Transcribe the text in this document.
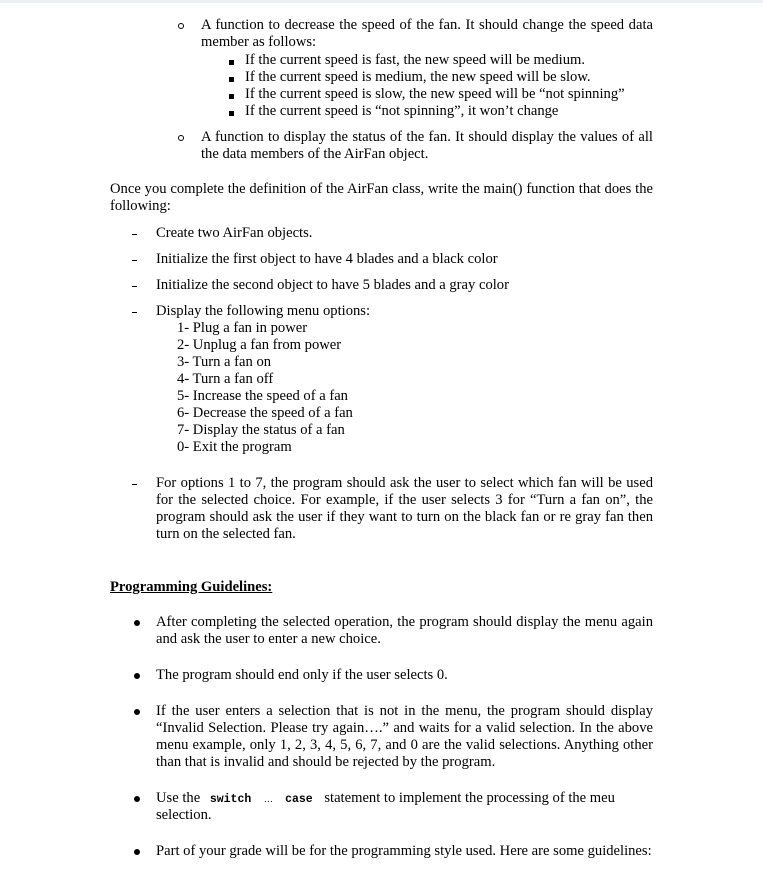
A function to decrease the speed of the fan. It should change the speed data member as follows:
If the current speed is fast, the new speed will be medium.
If the current speed is medium, the new speed will be slow.
If the current speed is slow, the new speed will be “not spinning”
If the current speed is “not spinning”, it won’t change
A function to display the status of the fan. It should display the values of all the data members of the AirFan object.
Once you complete the definition of the AirFan class, write the main() function that does the following:
Create two AirFan objects.
Initialize the first object to have 4 blades and a black color
Initialize the second object to have 5 blades and a gray color
Display the following menu options:
1- Plug a fan in power
2- Unplug a fan from power
3- Turn a fan on
4- Turn a fan off
5- Increase the speed of a fan
6- Decrease the speed of a fan
7- Display the status of a fan
0- Exit the program
For options 1 to 7, the program should ask the user to select which fan will be used for the selected choice. For example, if the user selects 3 for “Turn a fan on”, the program should ask the user if they want to turn on the black fan or re gray fan then turn on the selected fan.
Programming Guidelines:
After completing the selected operation, the program should display the menu again and ask the user to enter a new choice.
The program should end only if the user selects 0.
If the user enters a selection that is not in the menu, the program should display “Invalid Selection. Please try again….” and waits for a valid selection. In the above menu example, only 1, 2, 3, 4, 5, 6, 7, and 0 are the valid selections. Anything other than that is invalid and should be rejected by the program.
Use the switch … case statement to implement the processing of the meu
selection.
Part of your grade will be for the programming style used. Here are some guidelines:
